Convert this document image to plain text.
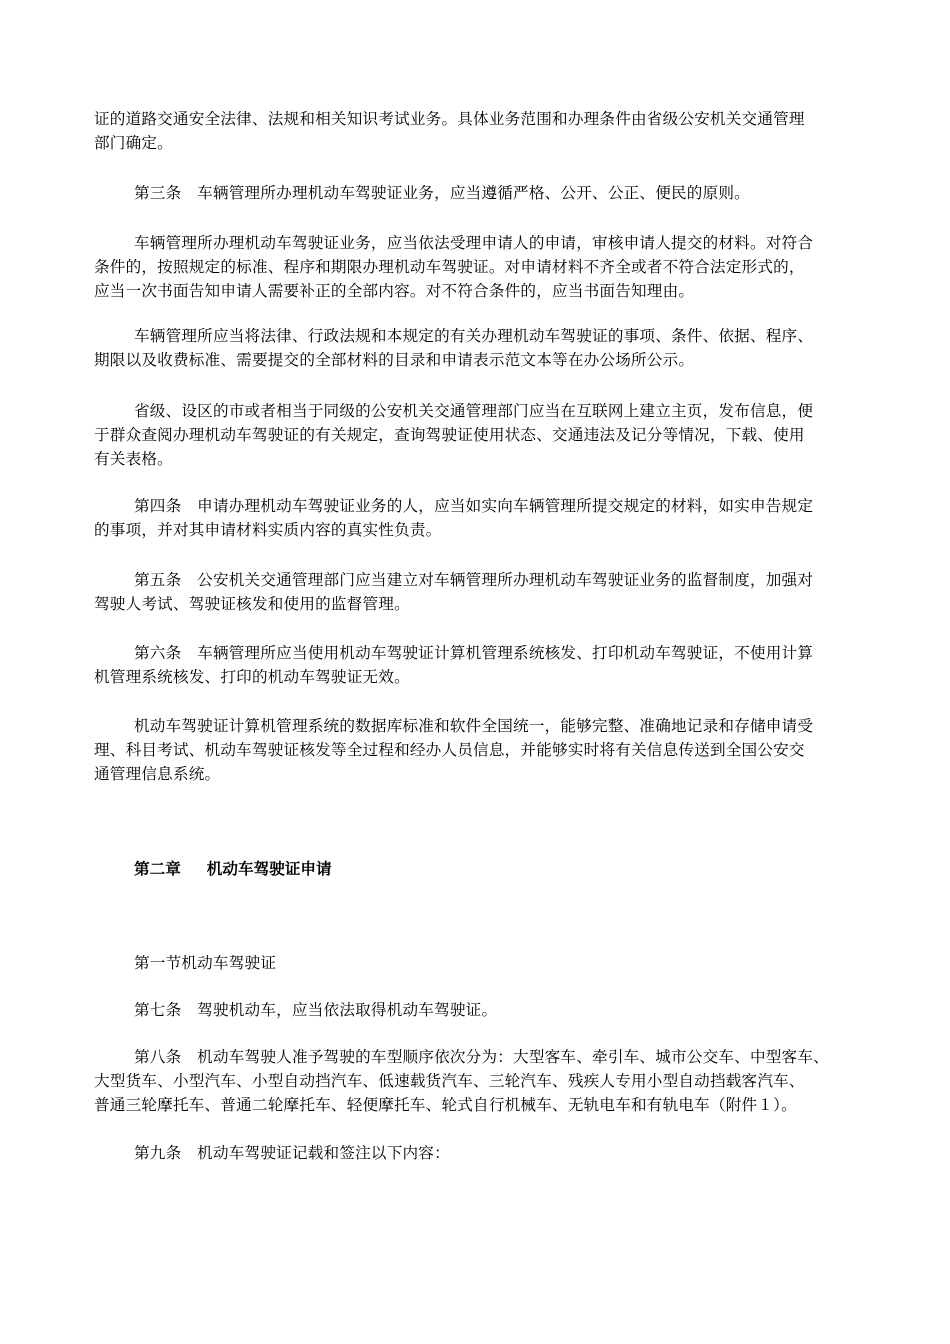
证的道路交通安全法律、法规和相关知识考试业务。具体业务范围和办理条件由省级公安机关交通管理
部门确定。

第三条　车辆管理所办理机动车驾驶证业务，应当遵循严格、公开、公正、便民的原则。

车辆管理所办理机动车驾驶证业务，应当依法受理申请人的申请，审核申请人提交的材料。对符合
条件的，按照规定的标准、程序和期限办理机动车驾驶证。对申请材料不齐全或者不符合法定形式的，
应当一次书面告知申请人需要补正的全部内容。对不符合条件的，应当书面告知理由。

车辆管理所应当将法律、行政法规和本规定的有关办理机动车驾驶证的事项、条件、依据、程序、
期限以及收费标准、需要提交的全部材料的目录和申请表示范文本等在办公场所公示。

省级、设区的市或者相当于同级的公安机关交通管理部门应当在互联网上建立主页，发布信息，便
于群众查阅办理机动车驾驶证的有关规定，查询驾驶证使用状态、交通违法及记分等情况，下载、使用
有关表格。

第四条　申请办理机动车驾驶证业务的人，应当如实向车辆管理所提交规定的材料，如实申告规定
的事项，并对其申请材料实质内容的真实性负责。

第五条　公安机关交通管理部门应当建立对车辆管理所办理机动车驾驶证业务的监督制度，加强对
驾驶人考试、驾驶证核发和使用的监督管理。

第六条　车辆管理所应当使用机动车驾驶证计算机管理系统核发、打印机动车驾驶证，不使用计算
机管理系统核发、打印的机动车驾驶证无效。

机动车驾驶证计算机管理系统的数据库标准和软件全国统一，能够完整、准确地记录和存储申请受
理、科目考试、机动车驾驶证核发等全过程和经办人员信息，并能够实时将有关信息传送到全国公安交
通管理信息系统。

第二章 机动车驾驶证申请

第一节机动车驾驶证

第七条　驾驶机动车，应当依法取得机动车驾驶证。

第八条　机动车驾驶人准予驾驶的车型顺序依次分为：大型客车、牵引车、城市公交车、中型客车、
大型货车、小型汽车、小型自动挡汽车、低速载货汽车、三轮汽车、残疾人专用小型自动挡载客汽车、
普通三轮摩托车、普通二轮摩托车、轻便摩托车、轮式自行机械车、无轨电车和有轨电车（附件１）。

第九条　机动车驾驶证记载和签注以下内容：
